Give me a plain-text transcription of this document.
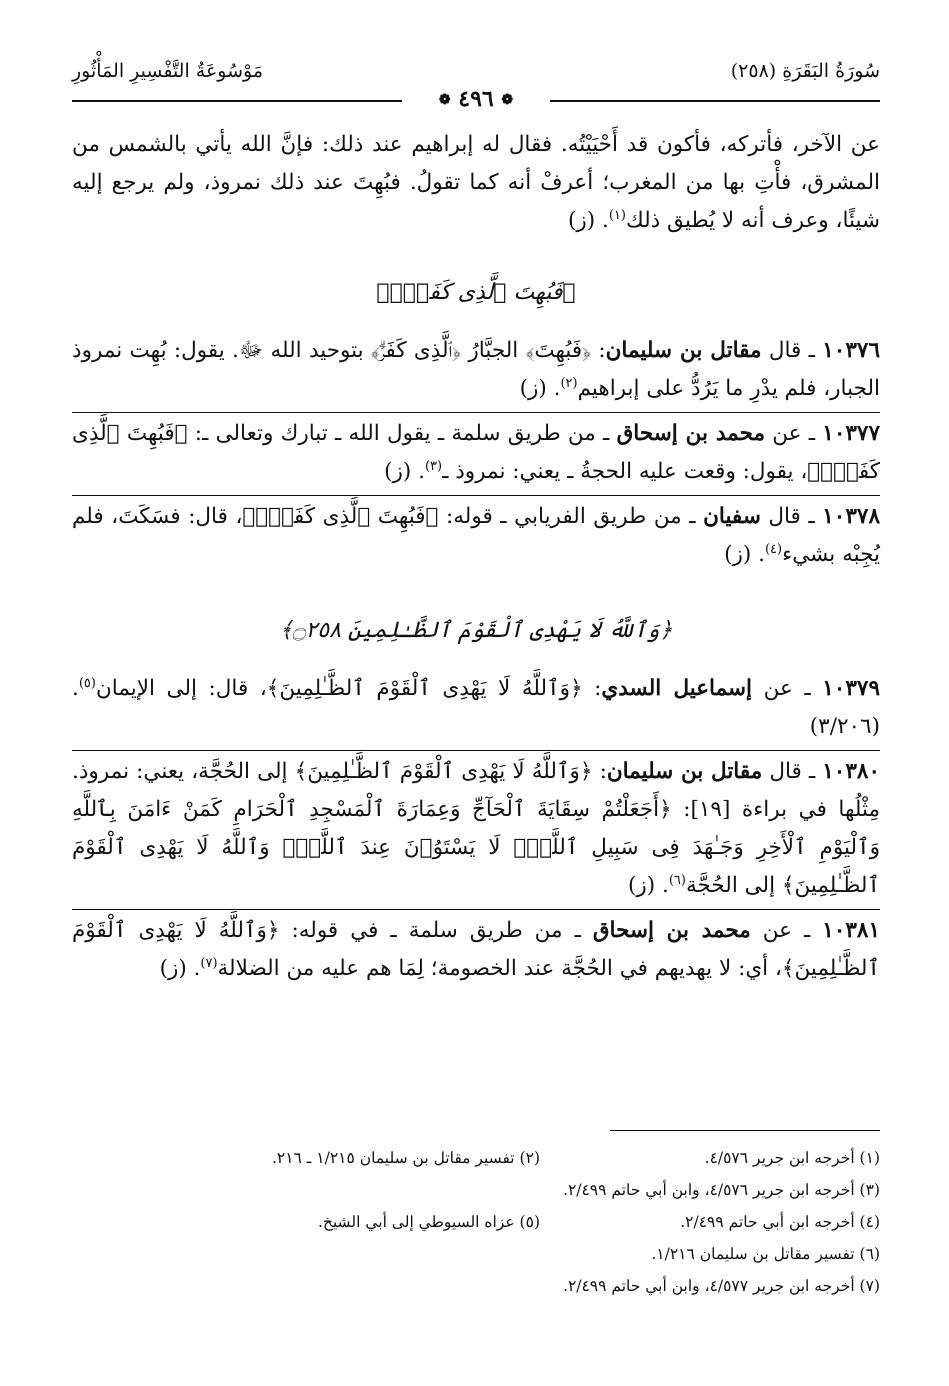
سُورَةُ البَقَرَةِ (٢٥٨)
مَوْسُوعَةُ التَّفْسِيرِ المَأْثُورِ
❁ ٤٩٦ ❁

عن الآخر، فأتركه، فأكون قد أَحْيَيْتُه. فقال له إبراهيم عند ذلك: فإنَّ الله يأتي بالشمس من المشرق، فأْتِ بها من المغرب؛ أعرفْ أنه كما تقولُ. فبُهِتَ عند ذلك نمروذ، ولم يرجع إليه شيئًا، وعرف أنه لا يُطيق ذلك$^{(١)}$. (ز)

﴿فَبُهِتَ ٱلَّذِى كَفَرَۗ﴾

١٠٣٧٦ ـ قال مقاتل بن سليمان: ﴿فَبُهِتَ﴾ الجبَّارُ ﴿ٱلَّذِى كَفَرَۗ﴾ بتوحيد الله ﷻ. يقول: بُهِت نمروذ الجبار، فلم يدْرِ ما يَرُدُّ على إبراهيم$^{(٢)}$. (ز)

١٠٣٧٧ ـ عن محمد بن إسحاق ـ من طريق سلمة ـ يقول الله ـ تبارك وتعالى ـ: ﴿فَبُهِتَ ٱلَّذِى كَفَرَۗ﴾، يقول: وقعت عليه الحجةُ ـ يعني: نمروذ ـ$^{(٣)}$. (ز)

١٠٣٧٨ ـ قال سفيان ـ من طريق الفريابي ـ قوله: ﴿فَبُهِتَ ٱلَّذِى كَفَرَۗ﴾، قال: فسَكَتَ، فلم يُجِبْه بشيء$^{(٤)}$. (ز)

﴿وَٱللَّهُ لَا يَهْدِى ٱلْقَوْمَ ٱلظَّـٰلِمِينَ ۝٢٥٨﴾

١٠٣٧٩ ـ عن إسماعيل السدي: ﴿وَٱللَّهُ لَا يَهْدِى ٱلْقَوْمَ ٱلظَّـٰلِمِينَ﴾، قال: إلى الإيمان$^{(٥)}$. (٣/٢٠٦)

١٠٣٨٠ ـ قال مقاتل بن سليمان: ﴿وَٱللَّهُ لَا يَهْدِى ٱلْقَوْمَ ٱلظَّـٰلِمِينَ﴾ إلى الحُجَّة، يعني: نمروذ. مِثْلُها في براءة [١٩]: ﴿أَجَعَلْتُمْ سِقَايَةَ ٱلْحَآجِّ وَعِمَارَةَ ٱلْمَسْجِدِ ٱلْحَرَامِ كَمَنْ ءَامَنَ بِٱللَّهِ وَٱلْيَوْمِ ٱلْأَخِرِ وَجَـٰهَدَ فِى سَبِيلِ ٱللَّهِۚ لَا يَسْتَوُۥنَ عِندَ ٱللَّهِۗ وَٱللَّهُ لَا يَهْدِى ٱلْقَوْمَ ٱلظَّـٰلِمِينَ﴾ إلى الحُجَّة$^{(٦)}$. (ز)

١٠٣٨١ ـ عن محمد بن إسحاق ـ من طريق سلمة ـ في قوله: ﴿وَٱللَّهُ لَا يَهْدِى ٱلْقَوْمَ ٱلظَّـٰلِمِينَ﴾، أي: لا يهديهم في الحُجَّة عند الخصومة؛ لِمَا هم عليه من الضلالة$^{(٧)}$. (ز)

(١) أخرجه ابن جرير ٤/٥٧٦.
(٢) تفسير مقاتل بن سليمان ١/٢١٥ ـ ٢١٦.
(٣) أخرجه ابن جرير ٤/٥٧٦، وابن أبي حاتم ٢/٤٩٩.
(٤) أخرجه ابن أبي حاتم ٢/٤٩٩.
(٥) عزاه السيوطي إلى أبي الشيخ.
(٦) تفسير مقاتل بن سليمان ١/٢١٦.
(٧) أخرجه ابن جرير ٤/٥٧٧، وابن أبي حاتم ٢/٤٩٩.
